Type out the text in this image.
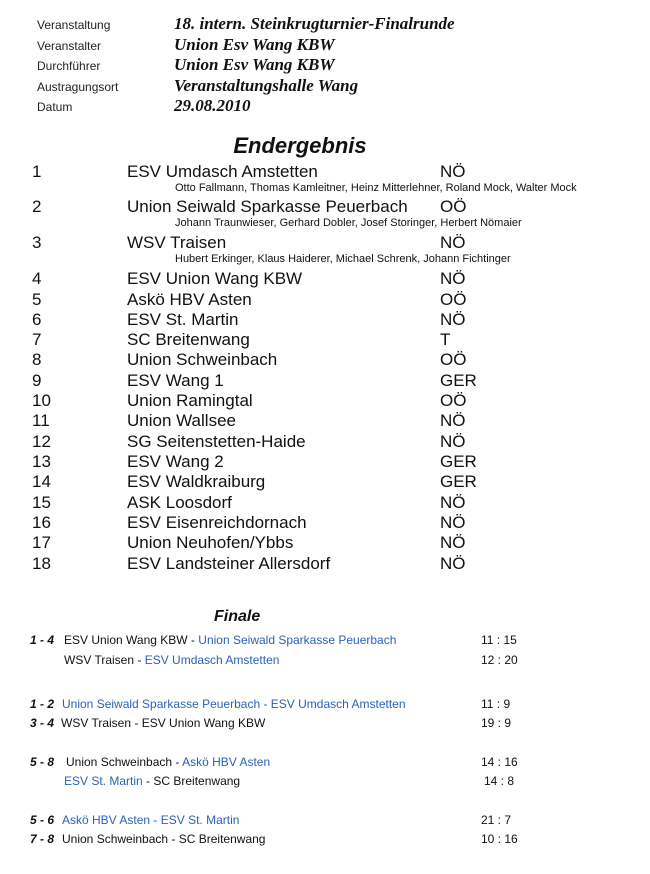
Veranstaltung	18. intern. Steinkrugturnier-Finalrunde
Veranstalter	Union Esv Wang KBW
Durchführer	Union Esv Wang KBW
Austragungsort	Veranstaltungshalle Wang
Datum	29.08.2010
Endergebnis
1	ESV Umdasch Amstetten	NÖ
Otto Fallmann, Thomas Kamleitner, Heinz Mitterlehner, Roland Mock, Walter Mock
2	Union Seiwald Sparkasse Peuerbach OÖ
Johann Traunwieser, Gerhard Dobler, Josef Storinger, Herbert Nömaier
3	WSV Traisen	NÖ
Hubert Erkinger, Klaus Haiderer, Michael Schrenk, Johann Fichtinger
4	ESV Union Wang KBW	NÖ
5	Askö HBV Asten	OÖ
6	ESV St. Martin	NÖ
7	SC Breitenwang	T
8	Union Schweinbach	OÖ
9	ESV Wang 1	GER
10	Union Ramingtal	OÖ
11	Union Wallsee	NÖ
12	SG Seitenstetten-Haide	NÖ
13	ESV Wang 2	GER
14	ESV Waldkraiburg	GER
15	ASK Loosdorf	NÖ
16	ESV Eisenreichdornach	NÖ
17	Union Neuhofen/Ybbs	NÖ
18	ESV Landsteiner Allersdorf	NÖ
Finale
1 - 4 ESV Union Wang KBW - Union Seiwald Sparkasse Peuerbach	11 : 15
WSV Traisen - ESV Umdasch Amstetten	12 : 20
1 - 2 Union Seiwald Sparkasse Peuerbach - ESV Umdasch Amstetten	11 : 9
3 - 4 WSV Traisen - ESV Union Wang KBW	19 : 9
5 - 8 Union Schweinbach - Askö HBV Asten	14 : 16
ESV St. Martin - SC Breitenwang	14 : 8
5 - 6 Askö HBV Asten - ESV St. Martin	21 : 7
7 - 8 Union Schweinbach - SC Breitenwang	10 : 16
